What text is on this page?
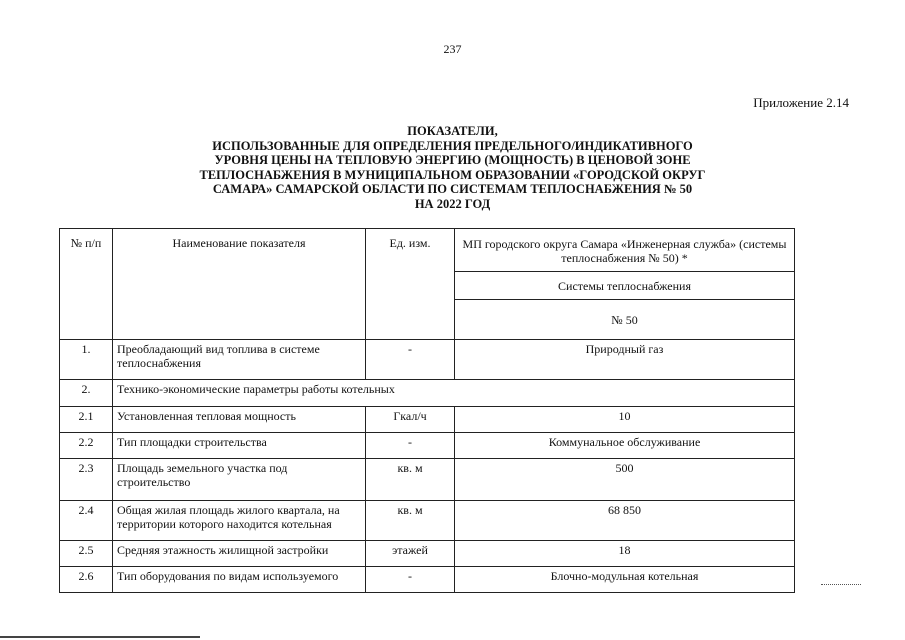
237
Приложение 2.14
ПОКАЗАТЕЛИ,
ИСПОЛЬЗОВАННЫЕ ДЛЯ ОПРЕДЕЛЕНИЯ ПРЕДЕЛЬНОГО/ИНДИКАТИВНОГО
УРОВНЯ ЦЕНЫ НА ТЕПЛОВУЮ ЭНЕРГИЮ (МОЩНОСТЬ) В ЦЕНОВОЙ ЗОНЕ
ТЕПЛОСНАБЖЕНИЯ В МУНИЦИПАЛЬНОМ ОБРАЗОВАНИИ «ГОРОДСКОЙ ОКРУГ
САМАРА» САМАРСКОЙ ОБЛАСТИ ПО СИСТЕМАМ ТЕПЛОСНАБЖЕНИЯ № 50
НА 2022 ГОД
№ п/п	Наименование показателя	Ед. изм.	МП городского округа Самара «Инженерная служба» (системы теплоснабжения № 50) *
			Системы теплоснабжения
			№ 50
1.	Преобладающий вид топлива в системе теплоснабжения	-	Природный газ
2.	Технико-экономические параметры работы котельных		
2.1	Установленная тепловая мощность	Гкал/ч	10
2.2	Тип площадки строительства	-	Коммунальное обслуживание
2.3	Площадь земельного участка под строительство	кв. м	500
2.4	Общая жилая площадь жилого квартала, на территории которого находится котельная	кв. м	68 850
2.5	Средняя этажность жилищной застройки	этажей	18
2.6	Тип оборудования по видам используемого	-	Блочно-модульная котельная
